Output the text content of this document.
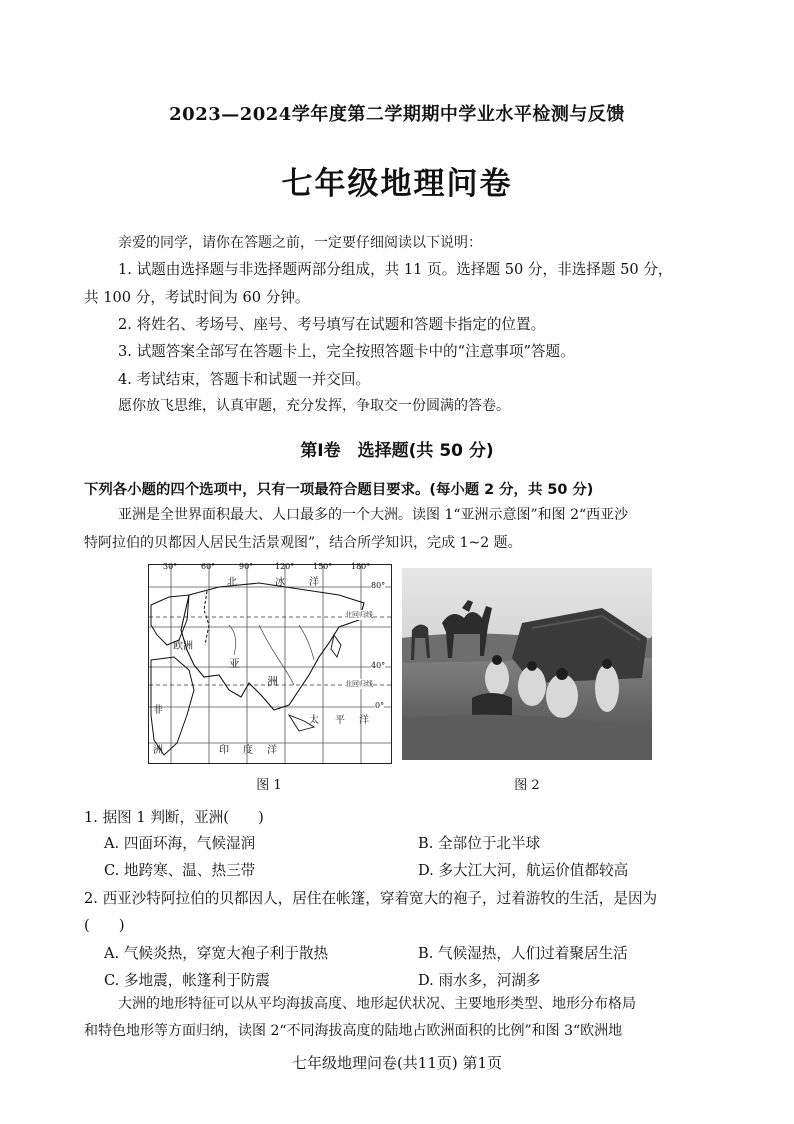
2023—2024学年度第二学期期中学业水平检测与反馈
七年级地理问卷
亲爱的同学，请你在答题之前，一定要仔细阅读以下说明：
1. 试题由选择题与非选择题两部分组成，共 11 页。选择题 50 分，非选择题 50 分，
共 100 分，考试时间为 60 分钟。
2. 将姓名、考场号、座号、考号填写在试题和答题卡指定的位置。
3. 试题答案全部写在答题卡上，完全按照答题卡中的“注意事项”答题。
4. 考试结束，答题卡和试题一并交回。
愿你放飞思维，认真审题，充分发挥，争取交一份圆满的答卷。
第Ⅰ卷　选择题(共 50 分)
下列各小题的四个选项中，只有一项最符合题目要求。(每小题 2 分，共 50 分)
亚洲是全世界面积最大、人口最多的一个大洲。读图 1“亚洲示意图”和图 2“西亚沙
特阿拉伯的贝都因人居民生活景观图”，结合所学知识，完成 1~2 题。
30°	60°	90°	120° 150° 180°
80°
40°
0°
北	冰 洋
北回归线
欧洲
亚
洲	北回归线
非
洲
太 平 洋
印 度 洋
图 1	图 2
1. 据图 1 判断，亚洲(　　)
A. 四面环海，气候湿润	B. 全部位于北半球
C. 地跨寒、温、热三带	D. 多大江大河，航运价值都较高
2. 西亚沙特阿拉伯的贝都因人，居住在帐篷，穿着宽大的袍子，过着游牧的生活，是因为
(　　)
A. 气候炎热，穿宽大袍子利于散热	B. 气候湿热，人们过着聚居生活
C. 多地震，帐篷利于防震	D. 雨水多，河湖多
大洲的地形特征可以从平均海拔高度、地形起伏状况、主要地形类型、地形分布格局
和特色地形等方面归纳，读图 2“不同海拔高度的陆地占欧洲面积的比例”和图 3“欧洲地
七年级地理问卷(共11页) 第1页
